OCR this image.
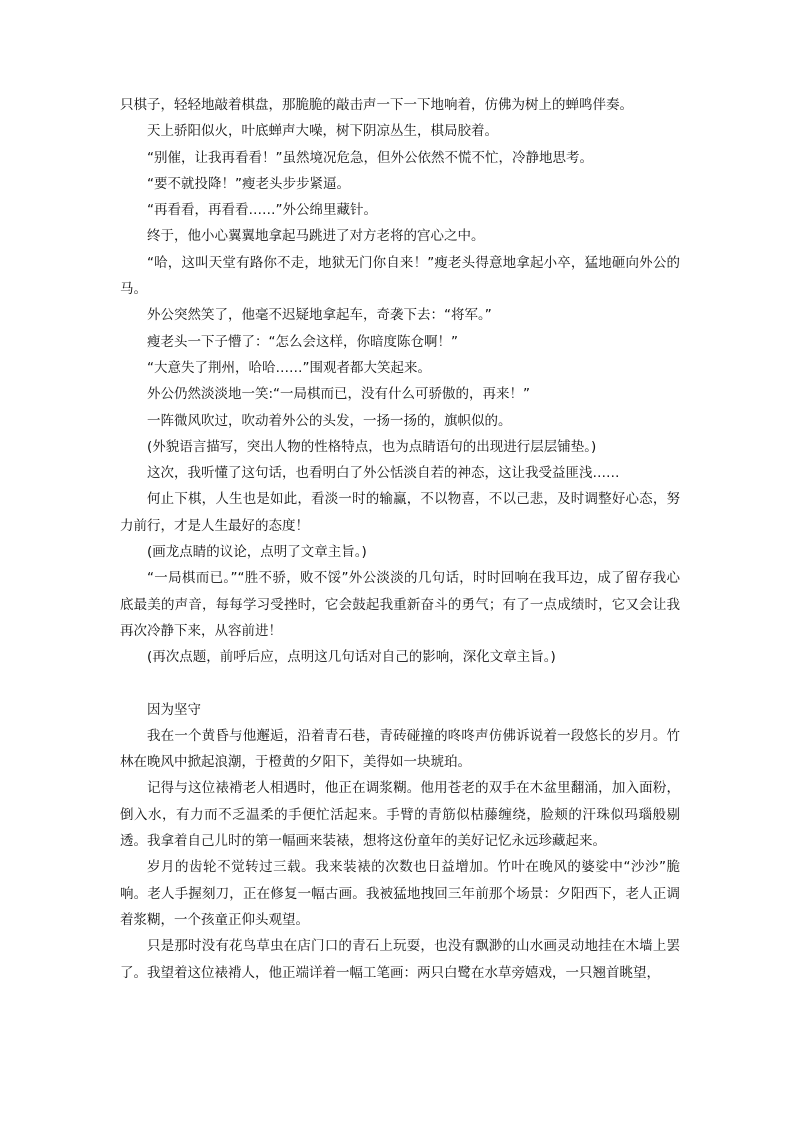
只棋子，轻轻地敲着棋盘，那脆脆的敲击声一下一下地响着，仿佛为树上的蝉鸣伴奏。

天上骄阳似火，叶底蝉声大噪，树下阴凉丛生，棋局胶着。

“别催，让我再看看！”虽然境况危急，但外公依然不慌不忙，冷静地思考。

“要不就投降！”瘦老头步步紧逼。

“再看看，再看看……”外公绵里藏针。

终于，他小心翼翼地拿起马跳进了对方老将的宫心之中。

“哈，这叫天堂有路你不走，地狱无门你自来！”瘦老头得意地拿起小卒，猛地砸向外公的马。

外公突然笑了，他毫不迟疑地拿起车，奇袭下去：“将军。”

瘦老头一下子懵了：“怎么会这样，你暗度陈仓啊！”

“大意失了荆州，哈哈……”围观者都大笑起来。

外公仍然淡淡地一笑:“一局棋而已，没有什么可骄傲的，再来！”

一阵微风吹过，吹动着外公的头发，一扬一扬的，旗帜似的。

(外貌语言描写，突出人物的性格特点，也为点睛语句的出现进行层层铺垫。)

这次，我听懂了这句话，也看明白了外公恬淡自若的神态，这让我受益匪浅……

何止下棋，人生也是如此，看淡一时的输赢，不以物喜，不以己悲，及时调整好心态，努力前行，才是人生最好的态度！

(画龙点睛的议论，点明了文章主旨。)

“一局棋而已。”“胜不骄，败不馁”外公淡淡的几句话，时时回响在我耳边，成了留存我心底最美的声音，每每学习受挫时，它会鼓起我重新奋斗的勇气；有了一点成绩时，它又会让我再次冷静下来，从容前进！

(再次点题，前呼后应，点明这几句话对自己的影响，深化文章主旨。)

因为坚守

我在一个黄昏与他邂逅，沿着青石巷，青砖碰撞的咚咚声仿佛诉说着一段悠长的岁月。竹林在晚风中掀起浪潮，于橙黄的夕阳下，美得如一块琥珀。

记得与这位裱褙老人相遇时，他正在调浆糊。他用苍老的双手在木盆里翻涌，加入面粉，倒入水，有力而不乏温柔的手便忙活起来。手臂的青筋似枯藤缠绕，脸颊的汗珠似玛瑙般剔透。我拿着自己儿时的第一幅画来装裱，想将这份童年的美好记忆永远珍藏起来。

岁月的齿轮不觉转过三载。我来装裱的次数也日益增加。竹叶在晚风的婆娑中“沙沙”脆响。老人手握刻刀，正在修复一幅古画。我被猛地拽回三年前那个场景：夕阳西下，老人正调着浆糊，一个孩童正仰头观望。

只是那时没有花鸟草虫在店门口的青石上玩耍，也没有飘渺的山水画灵动地挂在木墙上罢了。我望着这位裱褙人，他正端详着一幅工笔画：两只白鹭在水草旁嬉戏，一只翘首眺望，
